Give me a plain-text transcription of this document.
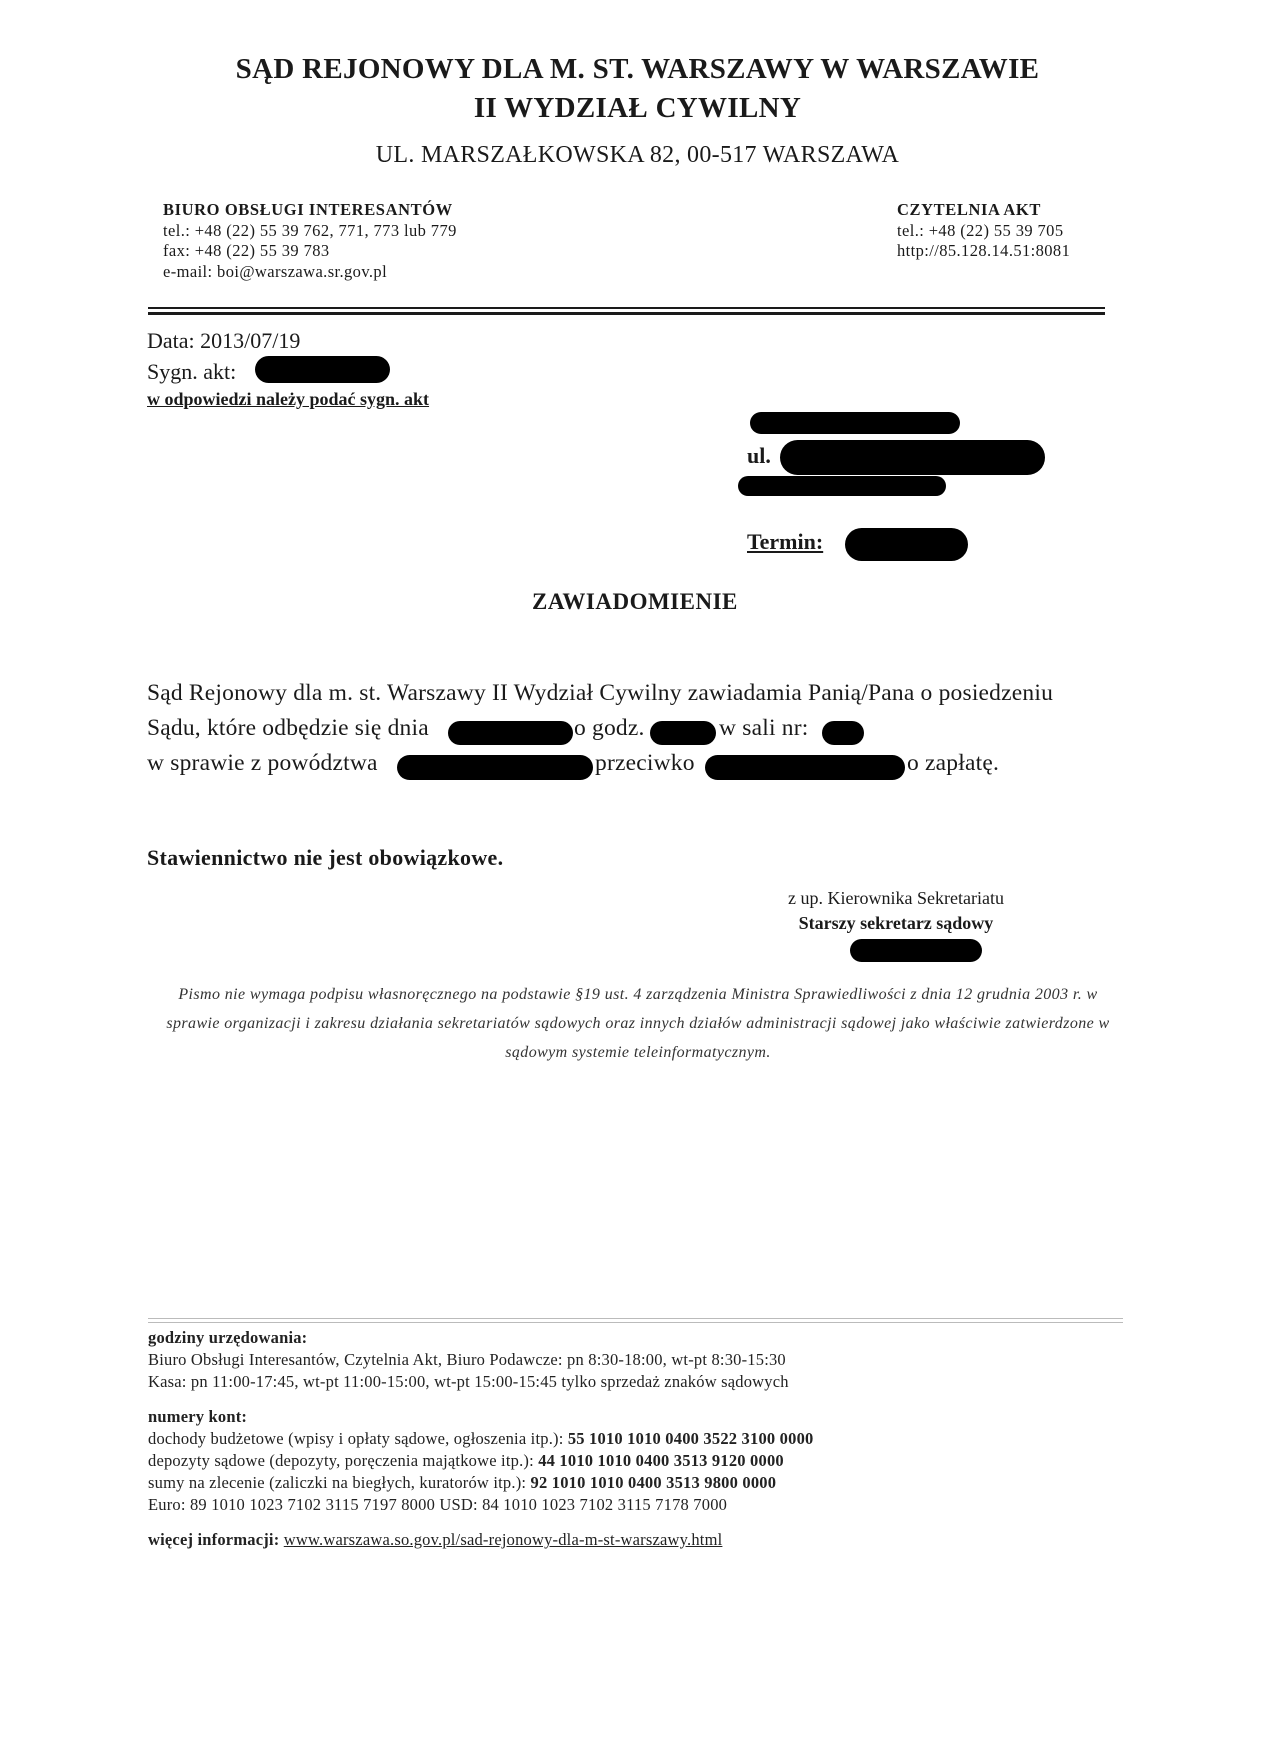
SĄD REJONOWY DLA M. ST. WARSZAWY W WARSZAWIE
II WYDZIAŁ CYWILNY
UL. MARSZAŁKOWSKA 82, 00-517 WARSZAWA
BIURO OBSŁUGI INTERESANTÓW
tel.: +48 (22) 55 39 762, 771, 773 lub 779
fax: +48 (22) 55 39 783
e-mail: boi@warszawa.sr.gov.pl
CZYTELNIA AKT
tel.: +48 (22) 55 39 705
http://85.128.14.51:8081
Data: 2013/07/19
Sygn. akt:
w odpowiedzi należy podać sygn. akt
ul.
Termin:
ZAWIADOMIENIE
Sąd Rejonowy dla m. st. Warszawy II Wydział Cywilny zawiadamia Panią/Pana o posiedzeniu
Sądu, które odbędzie się dnia	o godz.	w sali nr:
w sprawie z powództwa	przeciwko	o zapłatę.
Stawiennictwo nie jest obowiązkowe.
z up. Kierownika Sekretariatu
Starszy sekretarz sądowy
Pismo nie wymaga podpisu własnoręcznego na podstawie §19 ust. 4 zarządzenia Ministra Sprawiedliwości z dnia 12 grudnia 2003 r. w sprawie organizacji i zakresu działania sekretariatów sądowych oraz innych działów administracji sądowej jako właściwie zatwierdzone w sądowym systemie teleinformatycznym.
godziny urzędowania:
Biuro Obsługi Interesantów, Czytelnia Akt, Biuro Podawcze: pn 8:30-18:00, wt-pt 8:30-15:30
Kasa: pn 11:00-17:45, wt-pt 11:00-15:00, wt-pt 15:00-15:45 tylko sprzedaż znaków sądowych
numery kont:
dochody budżetowe (wpisy i opłaty sądowe, ogłoszenia itp.): 55 1010 1010 0400 3522 3100 0000
depozyty sądowe (depozyty, poręczenia majątkowe itp.): 44 1010 1010 0400 3513 9120 0000
sumy na zlecenie (zaliczki na biegłych, kuratorów itp.): 92 1010 1010 0400 3513 9800 0000
Euro: 89 1010 1023 7102 3115 7197 8000 USD: 84 1010 1023 7102 3115 7178 7000
więcej informacji: www.warszawa.so.gov.pl/sad-rejonowy-dla-m-st-warszawy.html
